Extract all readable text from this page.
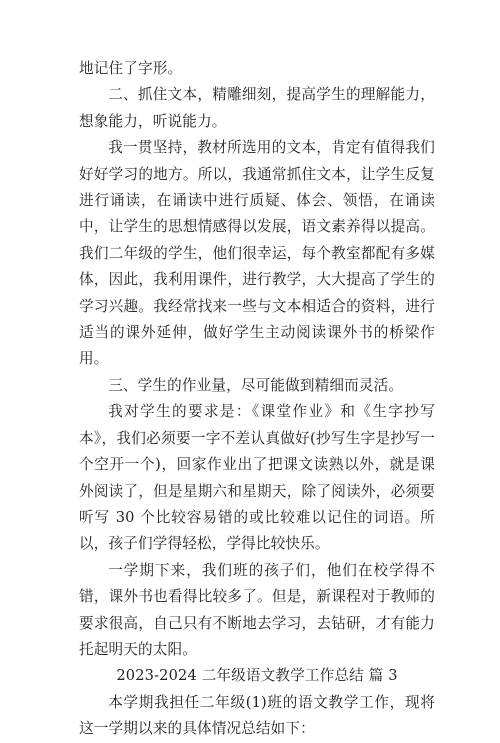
地记住了字形。

二、抓住文本，精雕细刻，提高学生的理解能力，想象能力，听说能力。

我一贯坚持，教材所选用的文本，肯定有值得我们好好学习的地方。所以，我通常抓住文本，让学生反复进行诵读，在诵读中进行质疑、体会、领悟，在诵读中，让学生的思想情感得以发展，语文素养得以提高。我们二年级的学生，他们很幸运，每个教室都配有多媒体，因此，我利用课件，进行教学，大大提高了学生的学习兴趣。我经常找来一些与文本相适合的资料，进行适当的课外延伸，做好学生主动阅读课外书的桥梁作用。

三、学生的作业量，尽可能做到精细而灵活。

我对学生的要求是：《课堂作业》和《生字抄写本》，我们必须要一字不差认真做好(抄写生字是抄写一个空开一个)，回家作业出了把课文读熟以外，就是课外阅读了，但是星期六和星期天，除了阅读外，必须要听写 30 个比较容易错的或比较难以记住的词语。所以，孩子们学得轻松，学得比较快乐。

一学期下来，我们班的孩子们，他们在校学得不错，课外书也看得比较多了。但是，新课程对于教师的要求很高，自己只有不断地去学习，去钻研，才有能力托起明天的太阳。

2023-2024 二年级语文教学工作总结 篇 3

本学期我担任二年级(1)班的语文教学工作，现将这一学期以来的具体情况总结如下：
